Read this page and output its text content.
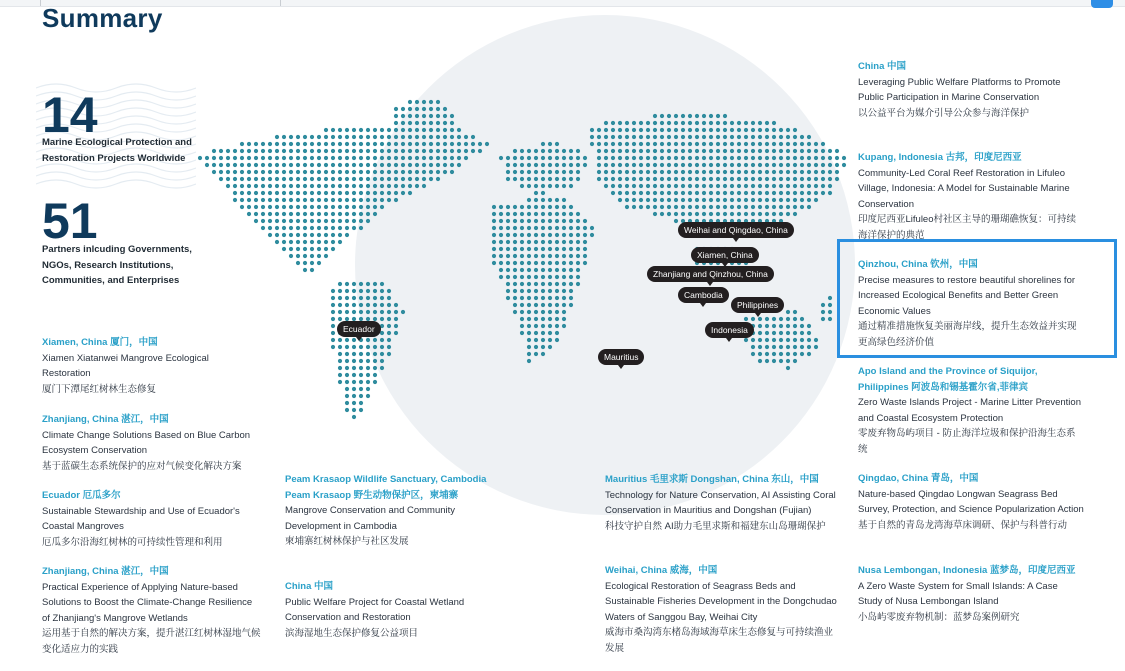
Summary
14
Marine Ecological Protection and Restoration Projects Worldwide
51
Partners inlcuding Governments, NGOs, Research Institutions, Communities, and Enterprises
Weihai and Qingdao, China
Xiamen, China
Zhanjiang and Qinzhou, China
Cambodia
Philippines
Indonesia
Ecuador
Mauritius
Xiamen, China 厦门，中国
Xiamen Xiatanwei Mangrove Ecological Restoration
厦门下潭尾红树林生态修复
Zhanjiang, China 湛江，中国
Climate Change Solutions Based on Blue Carbon Ecosystem Conservation
基于蓝碳生态系统保护的应对气候变化解决方案
Ecuador 厄瓜多尔
Sustainable Stewardship and Use of Ecuador's Coastal Mangroves
厄瓜多尔沿海红树林的可持续性管理和利用
Zhanjiang, China 湛江，中国
Practical Experience of Applying Nature-based Solutions to Boost the Climate-Change Resilience of Zhanjiang's Mangrove Wetlands
运用基于自然的解决方案，提升湛江红树林湿地气候变化适应力的实践
Peam Krasaop Wildlife Sanctuary, Cambodia Peam Krasaop 野生动物保护区，柬埔寨
Mangrove Conservation and Community Development in Cambodia
柬埔寨红树林保护与社区发展
China 中国
Public Welfare Project for Coastal Wetland Conservation and Restoration
滨海湿地生态保护修复公益项目
Mauritius 毛里求斯 Dongshan, China 东山，中国
Technology for Nature Conservation, AI Assisting Coral Conservation in Mauritius and Dongshan (Fujian)
科技守护自然 AI助力毛里求斯和福建东山岛珊瑚保护
Weihai, China 威海，中国
Ecological Restoration of Seagrass Beds and Sustainable Fisheries Development in the Dongchudao Waters of Sanggou Bay, Weihai City
威海市桑沟湾东楮岛海域海草床生态修复与可持续渔业发展
China 中国
Leveraging Public Welfare Platforms to Promote Public Participation in Marine Conservation
以公益平台为媒介引导公众参与海洋保护
Kupang, Indonesia 古邦，印度尼西亚
Community-Led Coral Reef Restoration in Lifuleo Village, Indonesia: A Model for Sustainable Marine Conservation
印度尼西亚Lifuleo村社区主导的珊瑚礁恢复：可持续海洋保护的典范
Qinzhou, China 钦州，中国
Precise measures to restore beautiful shorelines for Increased Ecological Benefits and Better Green Economic Values
通过精准措施恢复美丽海岸线，提升生态效益并实现更高绿色经济价值
Apo Island and the Province of Siquijor, Philippines 阿波岛和锡基霍尔省,菲律宾
Zero Waste Islands Project - Marine Litter Prevention and Coastal Ecosystem Protection
零废弃物岛屿项目 - 防止海洋垃圾和保护沿海生态系统
Qingdao, China 青岛，中国
Nature-based Qingdao Longwan Seagrass Bed Survey, Protection, and Science Popularization Action
基于自然的青岛龙湾海草床调研、保护与科普行动
Nusa Lembongan, Indonesia 蓝梦岛，印度尼西亚
A Zero Waste System for Small Islands: A Case Study of Nusa Lembongan Island
小岛屿零废弃物机制：蓝梦岛案例研究
